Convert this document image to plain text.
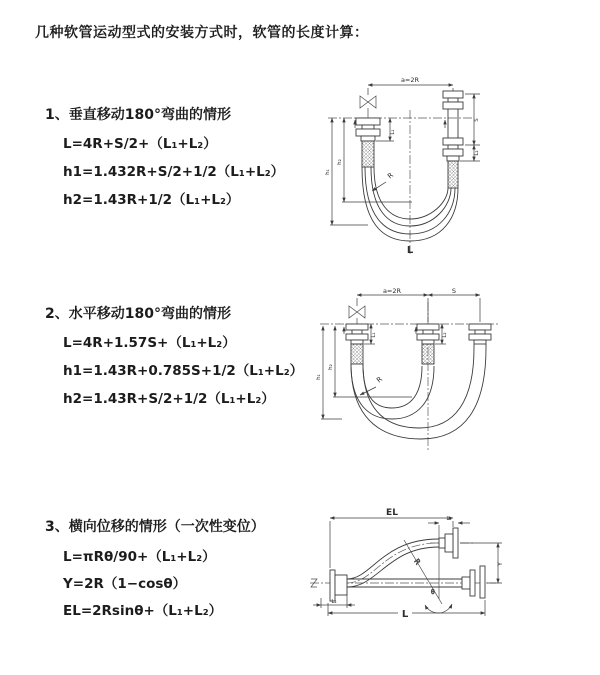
几种软管运动型式的安装方式时，软管的长度计算：
1、垂直移动180°弯曲的情形
L=4R+S/2+（L₁+L₂）
h1=1.432R+S/2+1/2（L₁+L₂）
h2=1.43R+1/2（L₁+L₂）
2、水平移动180°弯曲的情形
L=4R+1.57S+（L₁+L₂）
h1=1.43R+0.785S+1/2（L₁+L₂）
h2=1.43R+S/2+1/2（L₁+L₂）
3、横向位移的情形（一次性变位）
L=πRθ/90+（L₁+L₂）
Y=2R（1−cosθ）
EL=2Rsinθ+（L₁+L₂）
a=2R
L₁
S
L₂
h₁
h₂
R
L
a=2R	S
L₁	L₂
h₁
h₂
R
EL
L₁
Y
θ
R
L₂
L
